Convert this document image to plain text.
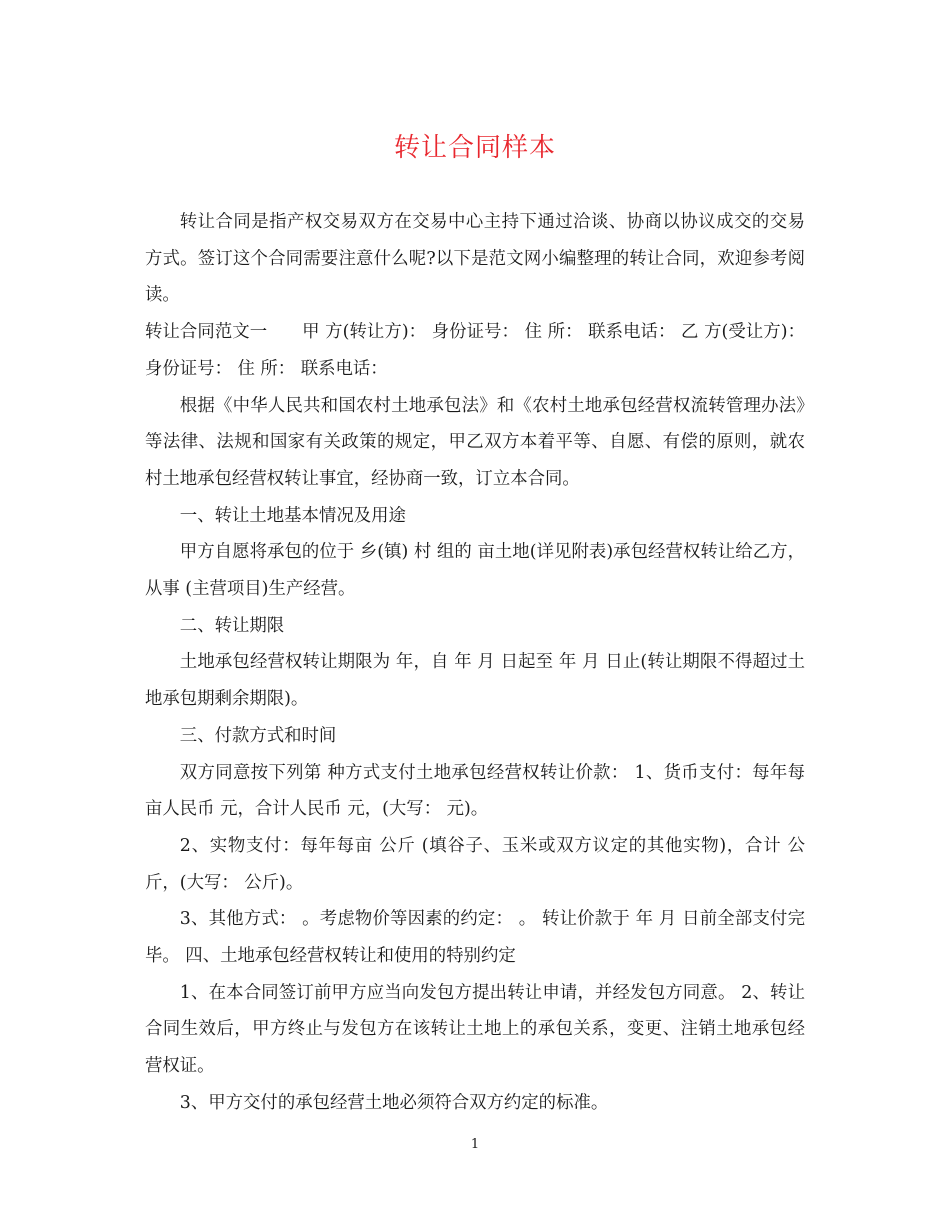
转让合同样本

转让合同是指产权交易双方在交易中心主持下通过洽谈、协商以协议成交的交易方式。签订这个合同需要注意什么呢?以下是范文网小编整理的转让合同，欢迎参考阅读。

转让合同范文一　　甲 方(转让方)： 身份证号： 住 所： 联系电话： 乙 方(受让方)： 身份证号： 住 所： 联系电话：

根据《中华人民共和国农村土地承包法》和《农村土地承包经营权流转管理办法》等法律、法规和国家有关政策的规定，甲乙双方本着平等、自愿、有偿的原则，就农村土地承包经营权转让事宜，经协商一致，订立本合同。

一、转让土地基本情况及用途

甲方自愿将承包的位于 乡(镇) 村 组的 亩土地(详见附表)承包经营权转让给乙方，从事 (主营项目)生产经营。

二、转让期限

土地承包经营权转让期限为 年，自 年 月 日起至 年 月 日止(转让期限不得超过土地承包期剩余期限)。

三、付款方式和时间

双方同意按下列第 种方式支付土地承包经营权转让价款： 1、货币支付：每年每亩人民币 元，合计人民币 元，(大写： 元)。

2、实物支付：每年每亩 公斤 (填谷子、玉米或双方议定的其他实物)，合计 公斤，(大写： 公斤)。

3、其他方式： 。考虑物价等因素的约定： 。 转让价款于 年 月 日前全部支付完毕。 四、土地承包经营权转让和使用的特别约定

1、在本合同签订前甲方应当向发包方提出转让申请，并经发包方同意。 2、转让合同生效后，甲方终止与发包方在该转让土地上的承包关系，变更、注销土地承包经营权证。

3、甲方交付的承包经营土地必须符合双方约定的标准。

1
